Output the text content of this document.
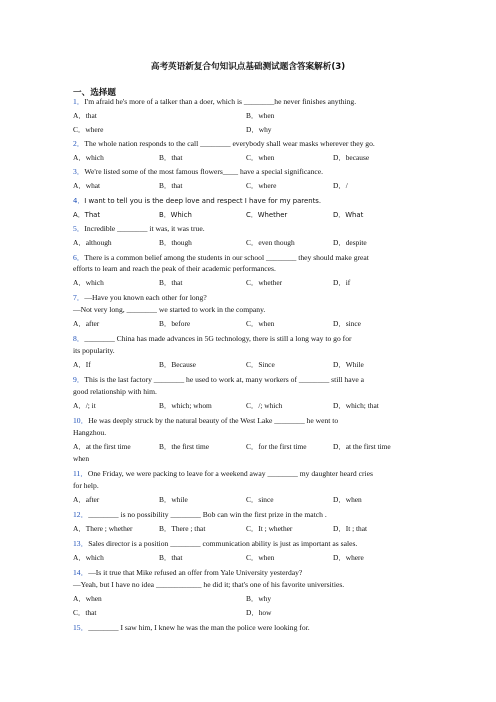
高考英语新复合句知识点基础测试题含答案解析(3)
一、选择题
1．I'm afraid he's more of a talker than a doer, which is ________he never finishes anything.
A．that	B．when
C．where	D．why
2．The whole nation responds to the call ________ everybody shall wear masks wherever they go.
A．which	B．that	C．when	D．because
3．We're listed some of the most famous flowers____ have a special significance.
A．what	B．that	C．where	D．/
4．I want to tell you is the deep love and respect I have for my parents.
A．That	B．Which	C．Whether	D．What
5．Incredible ________ it was, it was true.
A．although	B．though	C．even though	D．despite
6．There is a common belief among the students in our school ________ they should make great
efforts to learn and reach the peak of their academic performances.
A．which	B．that	C．whether	D．if
7．—Have you known each other for long?
—Not very long, ________ we started to work in the company.
A．after	B．before	C．when	D．since
8．________ China has made advances in 5G technology, there is still a long way to go for
its popularity.
A．If	B．Because	C．Since	D．While
9．This is the last factory ________ he used to work at, many workers of ________ still have a
good relationship with him.
A．/; it	B．which; whom	C．/; which	D．which; that
10．He was deeply struck by the natural beauty of the West Lake ________ he went to
Hangzhou.
A．at the first time	B．the first time	C．for the first time	D．at the first time
when
11．One Friday, we were packing to leave for a weekend away ________ my daughter heard cries
for help.
A．after	B．while	C．since	D．when
12．________ is no possibility ________ Bob can win the first prize in the match .
A．There ; whether	B．There ; that	C．It ; whether	D．It ; that
13．Sales director is a position ________ communication ability is just as important as sales.
A．which	B．that	C．when	D．where
14．—Is it true that Mike refused an offer from Yale University yesterday?
—Yeah, but I have no idea ____________ he did it; that's one of his favorite universities.
A．when	B．why
C．that	D．how
15．________ I saw him, I knew he was the man the police were looking for.
